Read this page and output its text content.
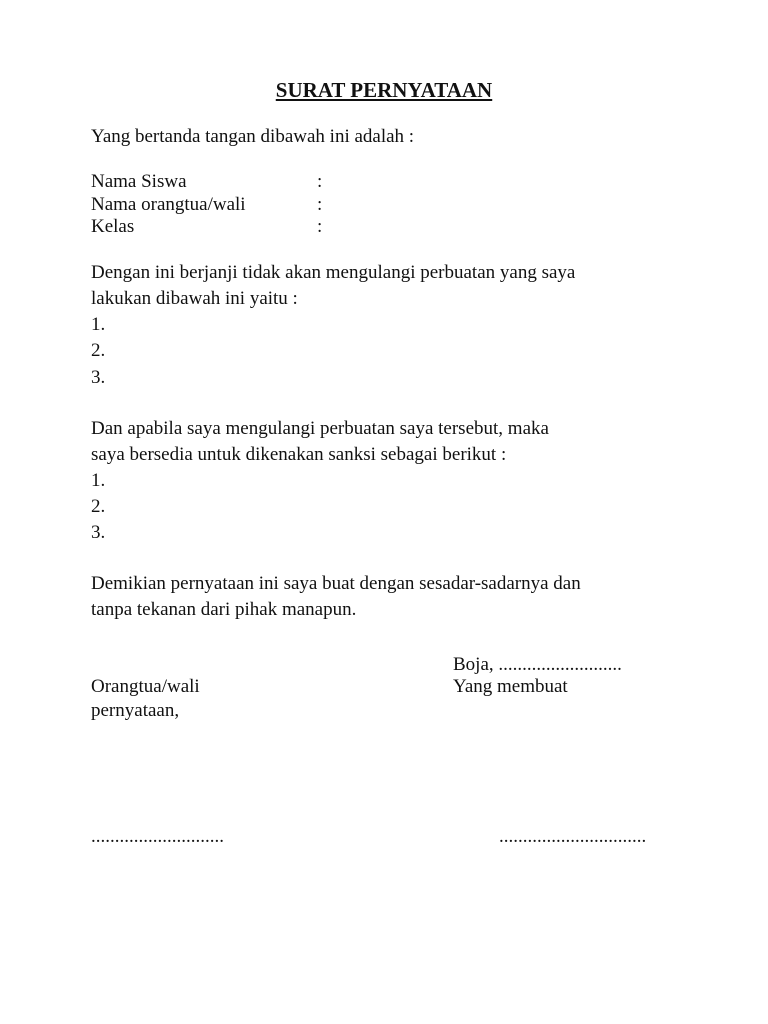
SURAT PERNYATAAN
Yang bertanda tangan dibawah ini adalah :
Nama Siswa	:
Nama orangtua/wali	:
Kelas	:
Dengan ini berjanji tidak akan mengulangi perbuatan yang saya
lakukan dibawah ini yaitu :
1.
2.
3.
Dan apabila saya mengulangi perbuatan saya tersebut, maka
saya bersedia untuk dikenakan sanksi sebagai berikut :
1.
2.
3.
Demikian pernyataan ini saya buat dengan sesadar-sadarnya dan
tanpa tekanan dari pihak manapun.
Boja, ..........................
Orangtua/wali	Yang membuat
pernyataan,
............................	...............................
